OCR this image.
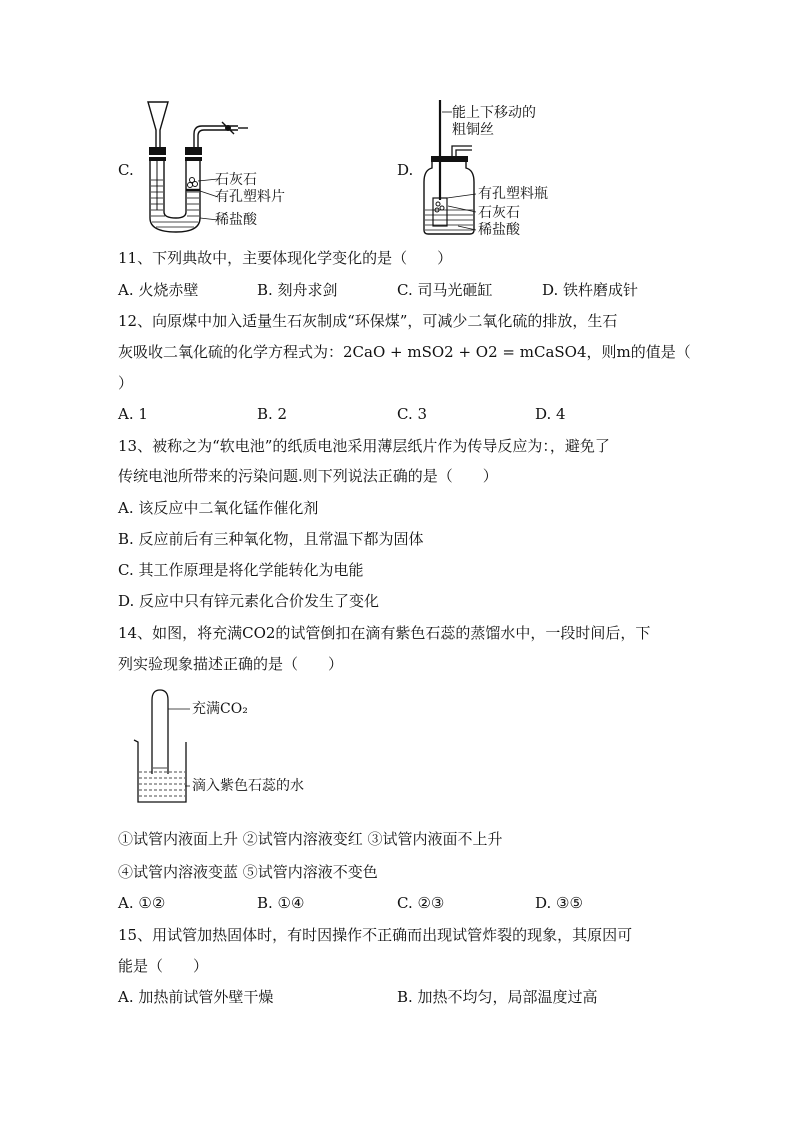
C.
石灰石
有孔塑料片
稀盐酸
D.
能上下移动的
粗铜丝
有孔塑料瓶
石灰石
稀盐酸
11、下列典故中，主要体现化学变化的是（　　）
A. 火烧赤壁	B. 刻舟求剑	C. 司马光砸缸	D. 铁杵磨成针
12、向原煤中加入适量生石灰制成“环保煤”，可减少二氧化硫的排放，生石
灰吸收二氧化硫的化学方程式为：2CaO + mSO2 + O2 = mCaSO4，则m的值是（
）
A. 1	B. 2	C. 3	D. 4
13、被称之为“软电池”的纸质电池采用薄层纸片作为传导反应为：，避免了
传统电池所带来的污染问题.则下列说法正确的是（　　）
A. 该反应中二氧化锰作催化剂
B. 反应前后有三种氧化物，且常温下都为固体
C. 其工作原理是将化学能转化为电能
D. 反应中只有锌元素化合价发生了变化
14、如图，将充满CO2的试管倒扣在滴有紫色石蕊的蒸馏水中，一段时间后，下
列实验现象描述正确的是（　　）
充满CO₂
滴入紫色石蕊的水
①试管内液面上升 ②试管内溶液变红 ③试管内液面不上升
④试管内溶液变蓝 ⑤试管内溶液不变色
A. ①②	B. ①④	C. ②③	D. ③⑤
15、用试管加热固体时，有时因操作不正确而出现试管炸裂的现象，其原因可
能是（　　）
A. 加热前试管外壁干燥	B. 加热不均匀，局部温度过高
